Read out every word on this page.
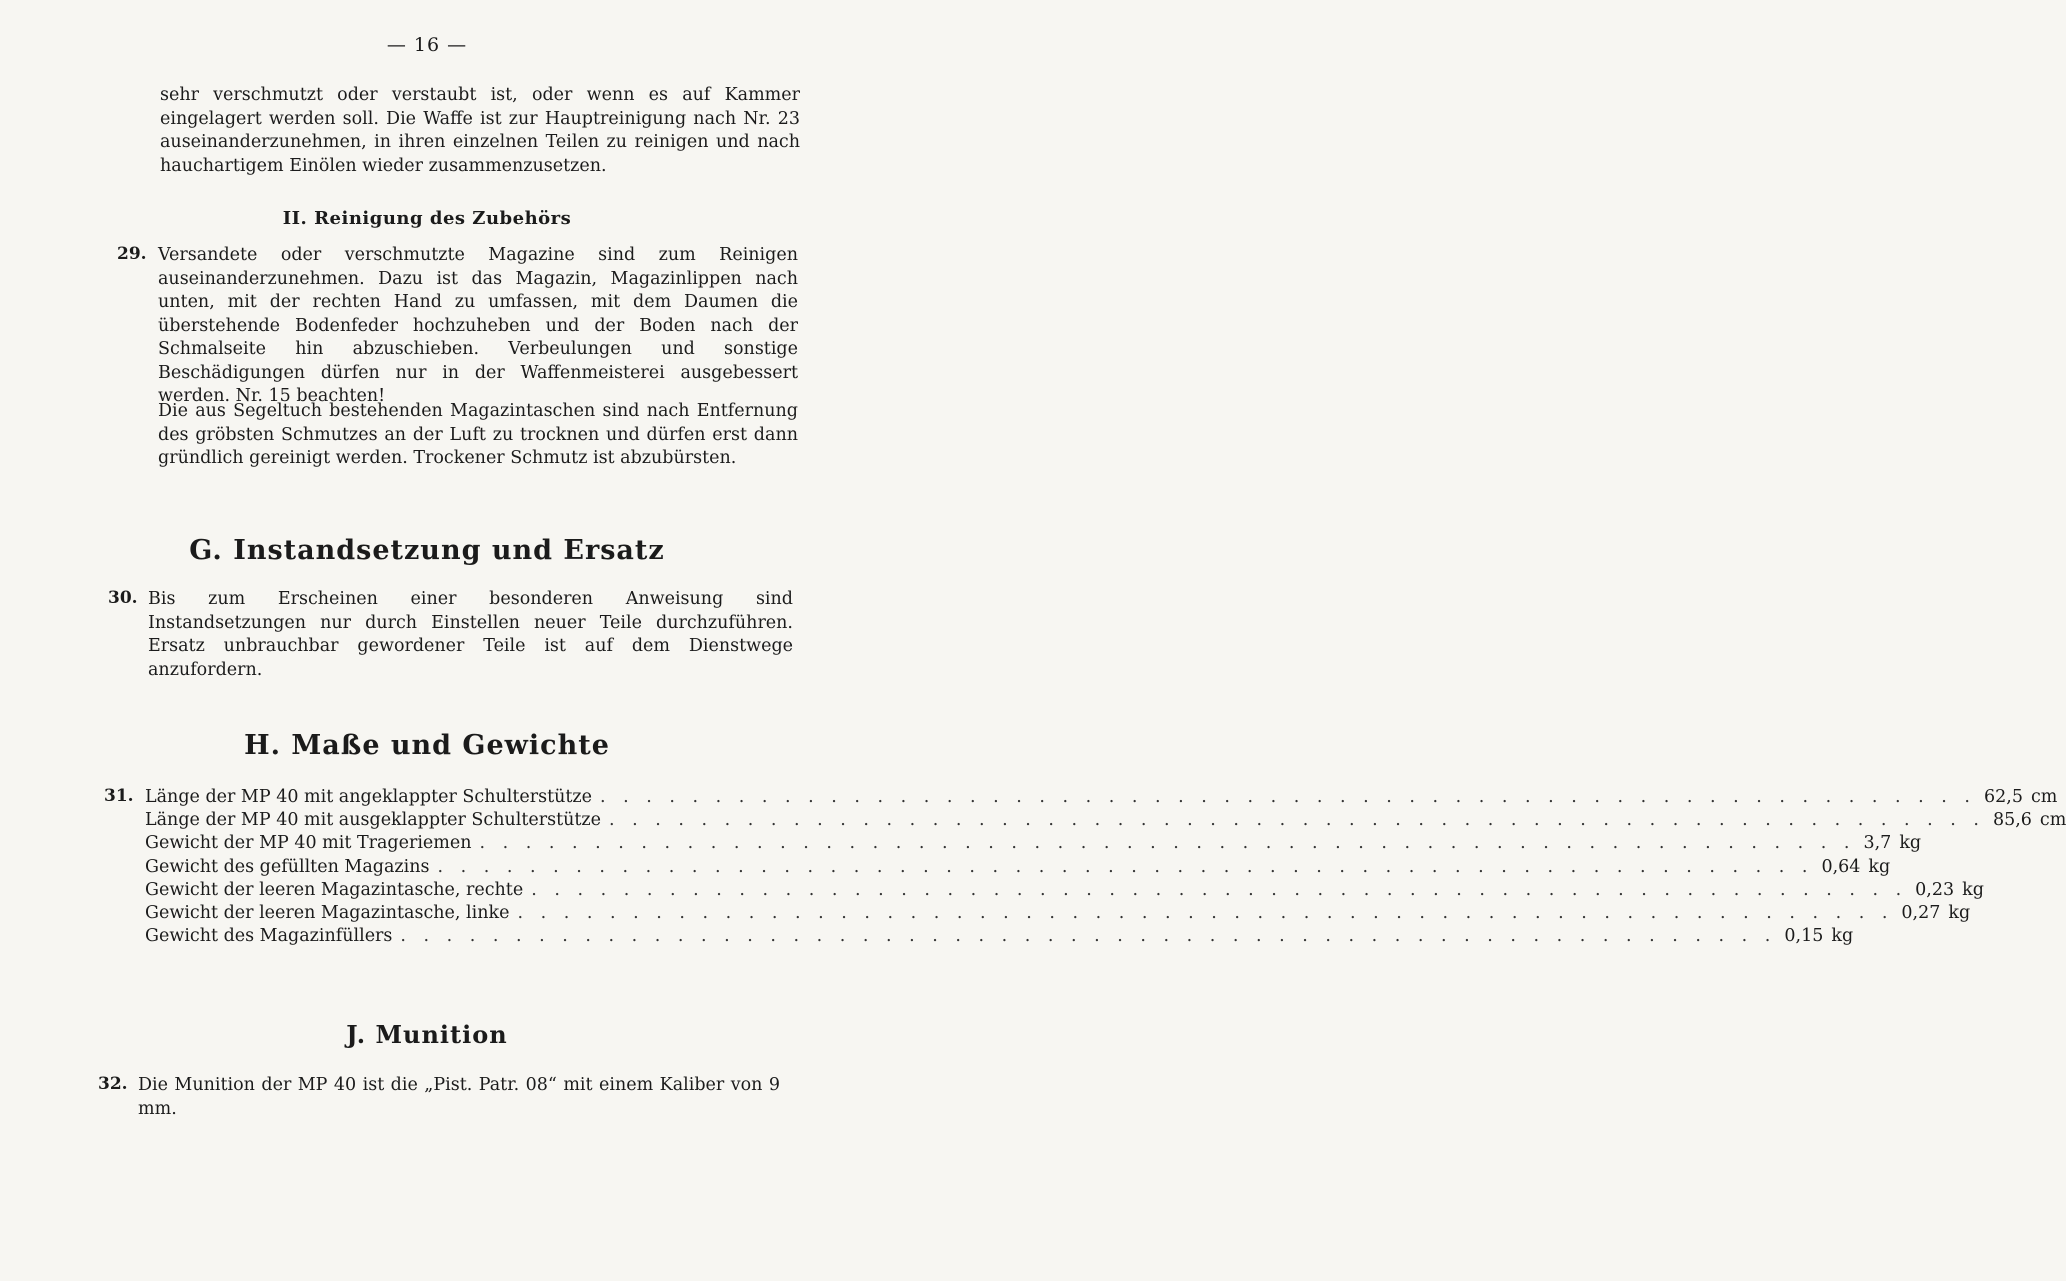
— 16 —

sehr verschmutzt oder verstaubt ist, oder wenn es auf Kammer eingelagert werden soll. Die Waffe ist zur Hauptreinigung nach Nr. 23 auseinanderzunehmen, in ihren einzelnen Teilen zu reinigen und nach hauchartigem Einölen wieder zusammenzusetzen.

II. Reinigung des Zubehörs
29. Versandete oder verschmutzte Magazine sind zum Reinigen auseinanderzunehmen. Dazu ist das Magazin, Magazinlippen nach unten, mit der rechten Hand zu umfassen, mit dem Daumen die überstehende Bodenfeder hochzuheben und der Boden nach der Schmalseite hin abzuschieben. Verbeulungen und sonstige Beschädigungen dürfen nur in der Waffenmeisterei ausgebessert werden. Nr. 15 beachten!

Die aus Segeltuch bestehenden Magazintaschen sind nach Entfernung des gröbsten Schmutzes an der Luft zu trocknen und dürfen erst dann gründlich gereinigt werden. Trockener Schmutz ist abzubürsten.

G. Instandsetzung und Ersatz
30. Bis zum Erscheinen einer besonderen Anweisung sind Instandsetzungen nur durch Einstellen neuer Teile durchzuführen. Ersatz unbrauchbar gewordener Teile ist auf dem Dienstwege anzufordern.

H. Maße und Gewichte
31. Länge der MP 40 mit angeklappter Schulterstütze . . . . . . . . . . . . . . . . . . . . . . . . . . . . . . . . . . . . . . . . . . . . . . . . . . . . . . . . . . . . 62,5 cm
Länge der MP 40 mit ausgeklappter Schulterstütze . . . . . . . . . . . . . . . . . . . . . . . . . . . . . . . . . . . . . . . . . . . . . . . . . . . . . . . . . . . . 85,6 cm
Gewicht der MP 40 mit Trageriemen . . . . . . . . . . . . . . . . . . . . . . . . . . . . . . . . . . . . . . . . . . . . . . . . . . . . . . . . . . . . 3,7 kg
Gewicht des gefüllten Magazins . . . . . . . . . . . . . . . . . . . . . . . . . . . . . . . . . . . . . . . . . . . . . . . . . . . . . . . . . . . . 0,64 kg
Gewicht der leeren Magazintasche, rechte . . . . . . . . . . . . . . . . . . . . . . . . . . . . . . . . . . . . . . . . . . . . . . . . . . . . . . . . . . . . 0,23 kg
Gewicht der leeren Magazintasche, linke . . . . . . . . . . . . . . . . . . . . . . . . . . . . . . . . . . . . . . . . . . . . . . . . . . . . . . . . . . . . 0,27 kg
Gewicht des Magazinfüllers . . . . . . . . . . . . . . . . . . . . . . . . . . . . . . . . . . . . . . . . . . . . . . . . . . . . . . . . . . . . 0,15 kg
J. Munition
32. Die Munition der MP 40 ist die „Pist. Patr. 08“ mit einem Kaliber von 9 mm.
